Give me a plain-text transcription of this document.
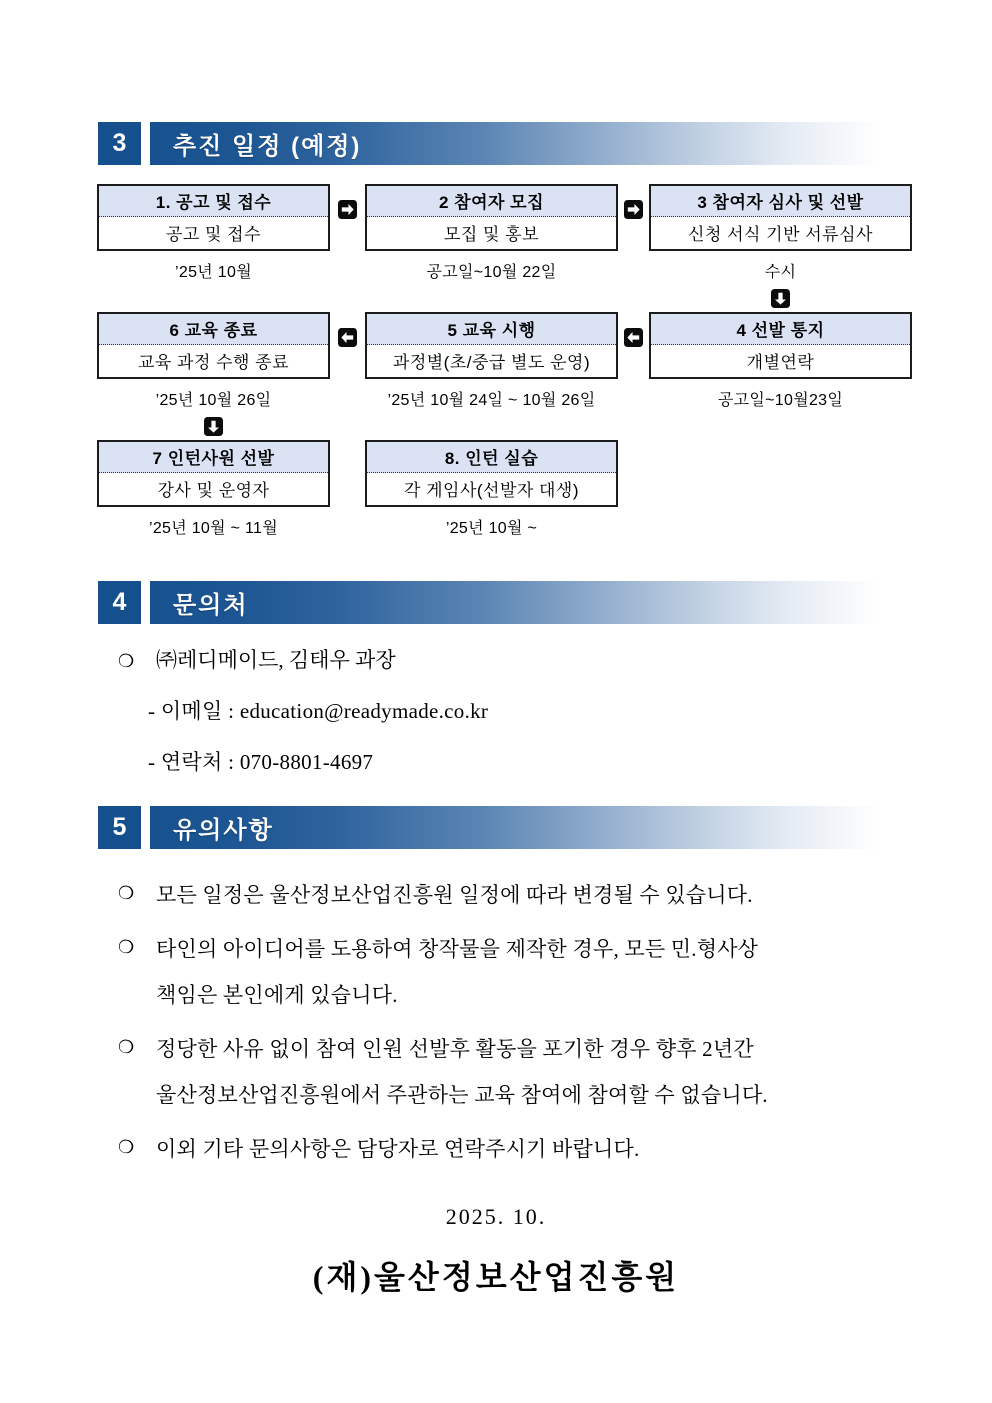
3	추진 일정 (예정)
1. 공고 및 접수
공고 및 접수
2 참여자 모집
모집 및 홍보
3 참여자 심사 및 선발
신청 서식 기반 서류심사
’25년 10월	공고일~10월 22일	수시
6 교육 종료
교육 과정 수행 종료
5 교육 시행
과정별(초/중급 별도 운영)
4 선발 통지
개별연락
’25년 10월 26일	’25년 10월 24일 ~ 10월 26일	공고일~10월23일
7 인턴사원 선발
강사 및 운영자
8. 인턴 실습
각 게임사(선발자 대생)
’25년 10월 ~ 11월	’25년 10월 ~
4	문의처
❍	㈜레디메이드, 김태우 과장
- 이메일 : education@readymade.co.kr
- 연락처 : 070-8801-4697
5	유의사항
❍	모든 일정은 울산정보산업진흥원 일정에 따라 변경될 수 있습니다.
❍	타인의 아이디어를 도용하여 창작물을 제작한 경우, 모든 민.형사상
책임은 본인에게 있습니다.
❍	정당한 사유 없이 참여 인원 선발후 활동을 포기한 경우 향후 2년간
울산정보산업진흥원에서 주관하는 교육 참여에 참여할 수 없습니다.
❍	이외 기타 문의사항은 담당자로 연락주시기 바랍니다.
2025. 10.
(재)울산정보산업진흥원
